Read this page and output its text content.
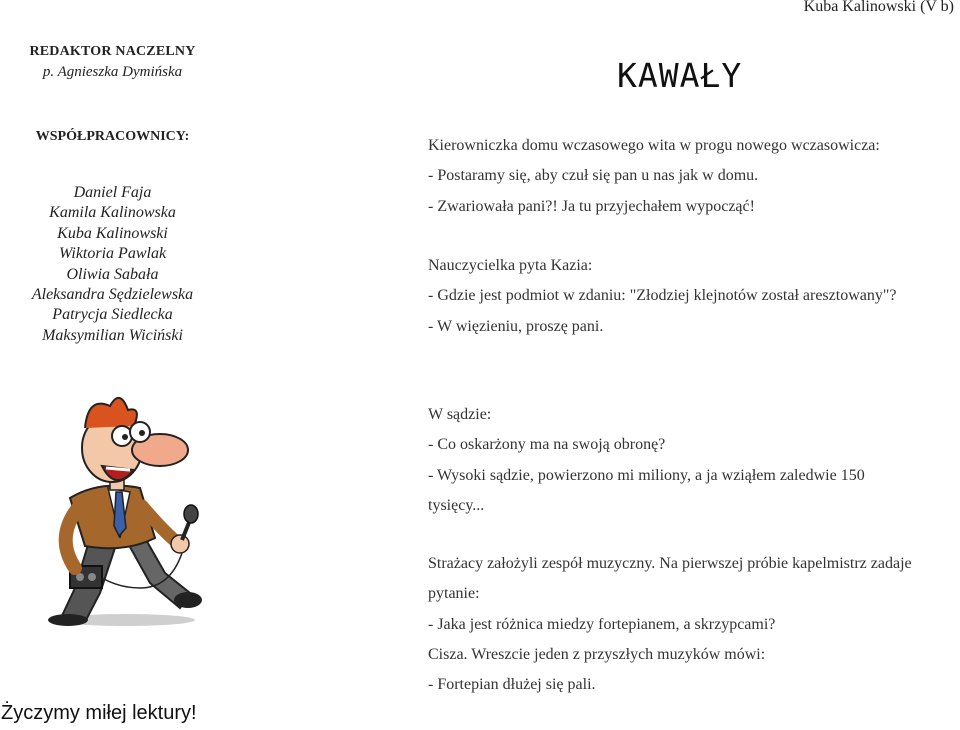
Kuba Kalinowski (V b)
REDAKTOR NACZELNY
p. Agnieszka Dymińska
WSPÓŁPRACOWNICY:
Daniel Faja
Kamila Kalinowska
Kuba Kalinowski
Wiktoria Pawlak
Oliwia Sabała
Aleksandra Sędzielewska
Patrycja Siedlecka
Maksymilian Wiciński
KAWAŁY
Kierowniczka domu wczasowego wita w progu nowego wczasowicza:
- Postaramy się, aby czuł się pan u nas jak w domu.
- Zwariowała pani?! Ja tu przyjechałem wypocząć!
Nauczycielka pyta Kazia:
- Gdzie jest podmiot w zdaniu: "Złodziej klejnotów został aresztowany"?
- W więzieniu, proszę pani.
W sądzie:
- Co oskarżony ma na swoją obronę?
- Wysoki sądzie, powierzono mi miliony, a ja wziąłem zaledwie 150 tysięcy...
Strażacy założyli zespół muzyczny. Na pierwszej próbie kapelmistrz zadaje pytanie:
- Jaka jest różnica miedzy fortepianem, a skrzypcami?
Cisza. Wreszcie jeden z przyszłych muzyków mówi:
- Fortepian dłużej się pali.
Życzymy miłej lektury!
